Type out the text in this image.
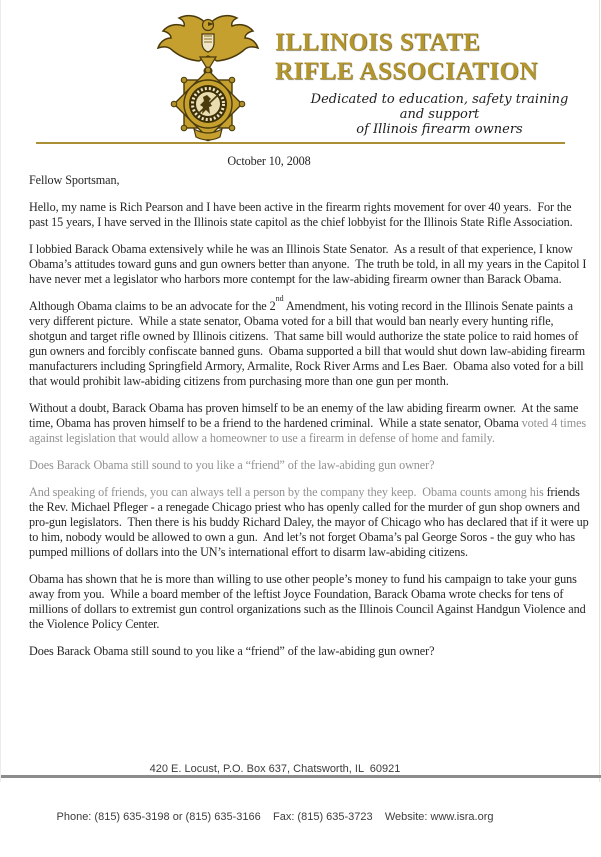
ILLINOIS STATE
RIFLE ASSOCIATION
Dedicated to education, safety training and support
of Illinois firearm owners
October 10, 2008

Fellow Sportsman,

Hello, my name is Rich Pearson and I have been active in the firearm rights movement for over 40 years.  For the past 15 years, I have served in the Illinois state capitol as the chief lobbyist for the Illinois State Rifle Association.

I lobbied Barack Obama extensively while he was an Illinois State Senator.  As a result of that experience, I know Obama’s attitudes toward guns and gun owners better than anyone.  The truth be told, in all my years in the Capitol I have never met a legislator who harbors more contempt for the law-abiding firearm owner than Barack Obama.

Although Obama claims to be an advocate for the 2nd Amendment, his voting record in the Illinois Senate paints a very different picture.  While a state senator, Obama voted for a bill that would ban nearly every hunting rifle, shotgun and target rifle owned by Illinois citizens.  That same bill would authorize the state police to raid homes of gun owners and forcibly confiscate banned guns.  Obama supported a bill that would shut down law-abiding firearm manufacturers including Springfield Armory, Armalite, Rock River Arms and Les Baer.  Obama also voted for a bill that would prohibit law-abiding citizens from purchasing more than one gun per month.

Without a doubt, Barack Obama has proven himself to be an enemy of the law abiding firearm owner.  At the same time, Obama has proven himself to be a friend to the hardened criminal.  While a state senator, Obama voted 4 times against legislation that would allow a homeowner to use a firearm in defense of home and family.

Does Barack Obama still sound to you like a “friend” of the law-abiding gun owner?

And speaking of friends, you can always tell a person by the company they keep.  Obama counts among his friends the Rev. Michael Pfleger - a renegade Chicago priest who has openly called for the murder of gun shop owners and pro-gun legislators.  Then there is his buddy Richard Daley, the mayor of Chicago who has declared that if it were up to him, nobody would be allowed to own a gun.  And let’s not forget Obama’s pal George Soros - the guy who has pumped millions of dollars into the UN’s international effort to disarm law-abiding citizens.

Obama has shown that he is more than willing to use other people’s money to fund his campaign to take your guns away from you.  While a board member of the leftist Joyce Foundation, Barack Obama wrote checks for tens of millions of dollars to extremist gun control organizations such as the Illinois Council Against Handgun Violence and the Violence Policy Center.

Does Barack Obama still sound to you like a “friend” of the law-abiding gun owner?

420 E. Locust, P.O. Box 637, Chatsworth, IL  60921

Phone: (815) 635-3198 or (815) 635-3166    Fax: (815) 635-3723    Website: www.isra.org
